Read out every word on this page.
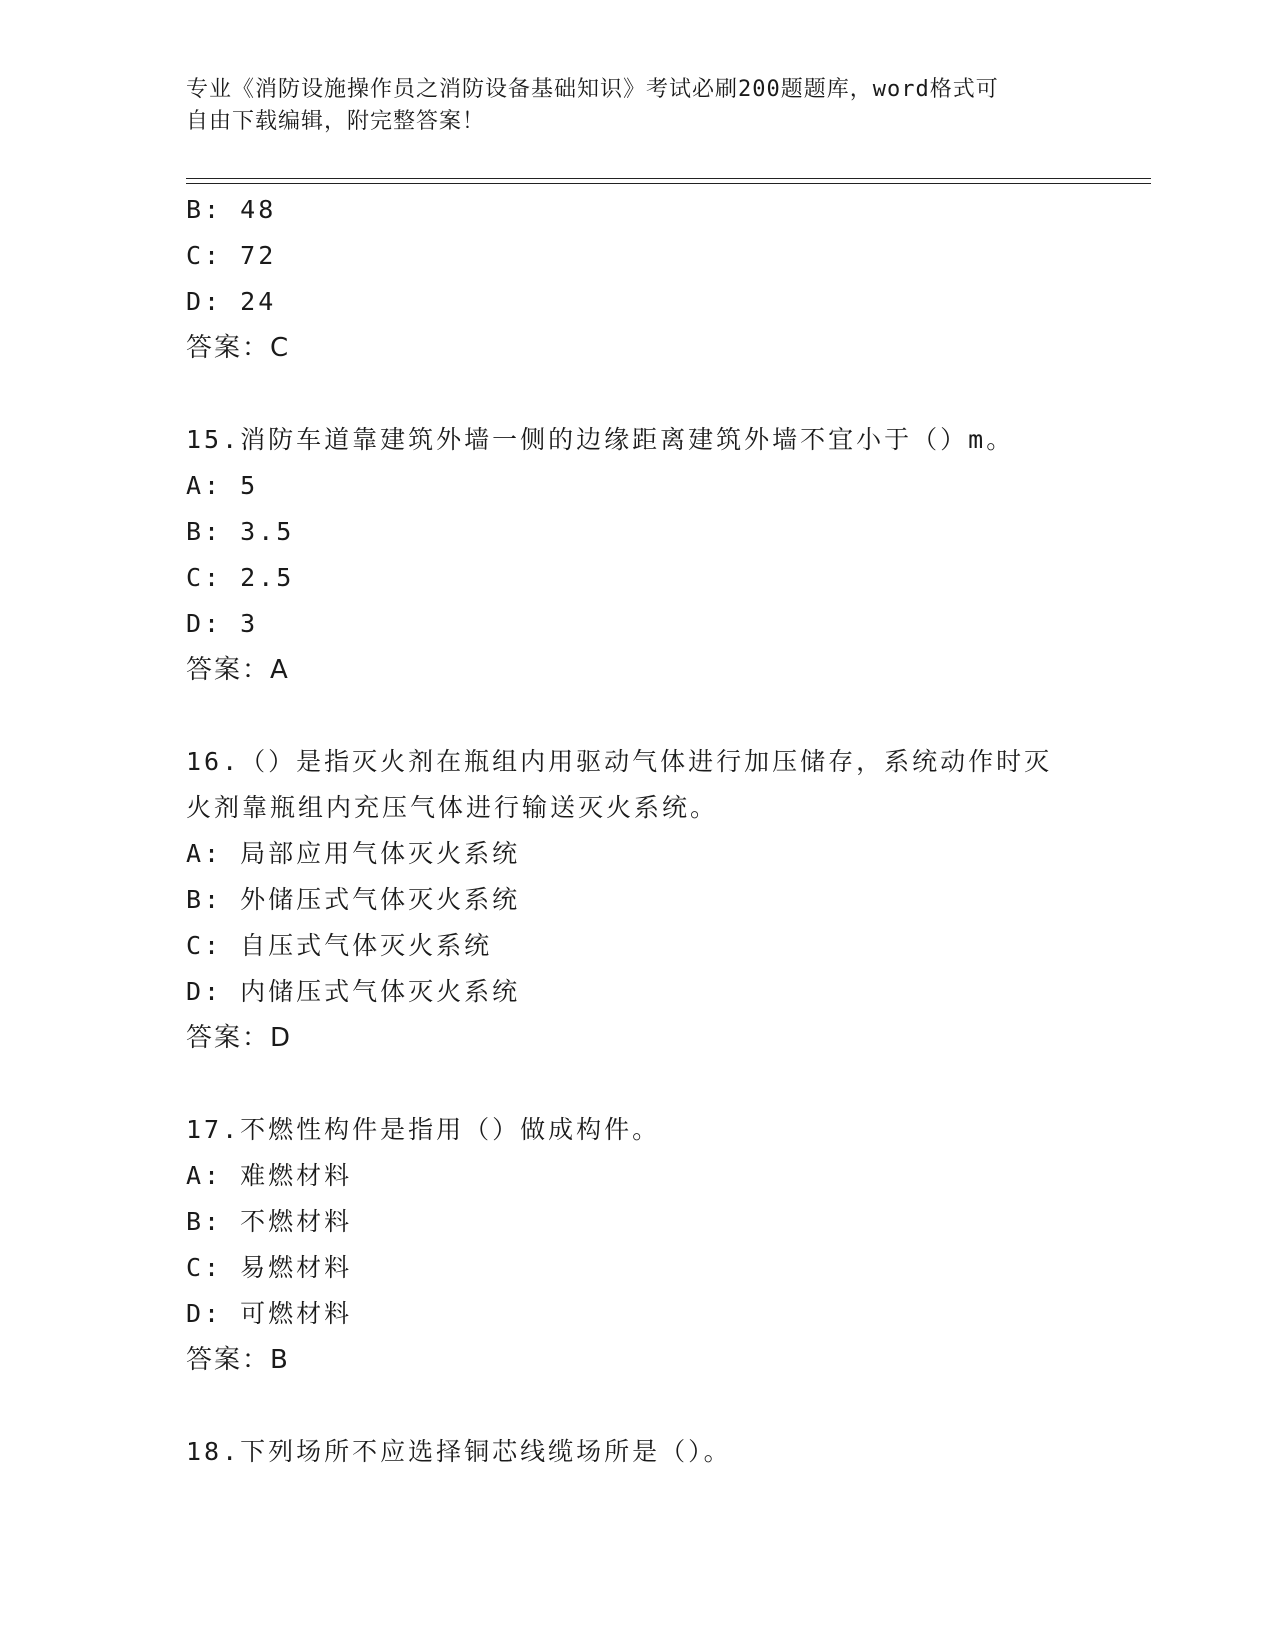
专业《消防设施操作员之消防设备基础知识》考试必刷200题题库，word格式可
自由下载编辑，附完整答案！
B: 48
C: 72
D: 24
答案：C
15.消防车道靠建筑外墙一侧的边缘距离建筑外墙不宜小于（）m。
A: 5
B: 3.5
C: 2.5
D: 3
答案：A
16.（）是指灭火剂在瓶组内用驱动气体进行加压储存，系统动作时灭
火剂靠瓶组内充压气体进行输送灭火系统。
A: 局部应用气体灭火系统
B: 外储压式气体灭火系统
C: 自压式气体灭火系统
D: 内储压式气体灭火系统
答案：D
17.不燃性构件是指用（）做成构件。
A: 难燃材料
B: 不燃材料
C: 易燃材料
D: 可燃材料
答案：B
18.下列场所不应选择铜芯线缆场所是（）。
